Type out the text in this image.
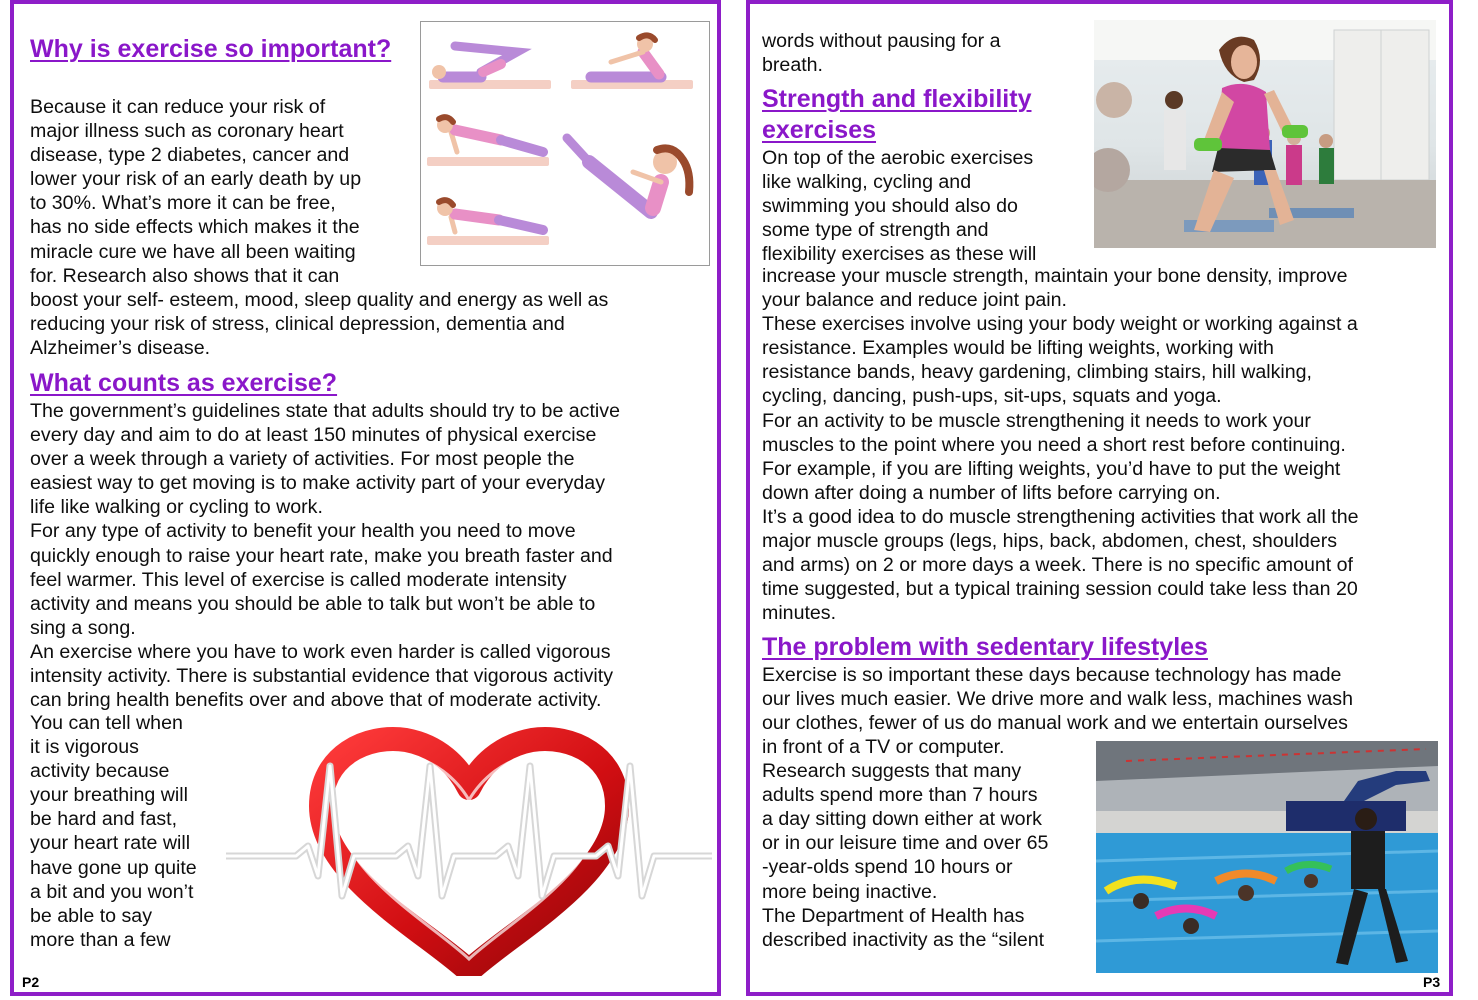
Why is exercise so important?

Because it can reduce your risk of

major illness such as coronary heart

disease, type 2 diabetes, cancer and

lower your risk of an early death by up

to 30%. What’s more it can be free,

has no side effects which makes it the

miracle cure we have all been waiting

for. Research also shows that it can

boost your self- esteem, mood, sleep quality and energy as well as

reducing your risk of stress, clinical depression, dementia and

Alzheimer’s disease.

What counts as exercise?

The government’s guidelines state that adults should try to be active

every day and aim to do at least 150 minutes of physical exercise

over a week through a variety of activities. For most people the

easiest way to get moving is to make activity part of your everyday

life like walking or cycling to work.

For any type of activity to benefit your health you need to move

quickly enough to raise your heart rate, make you breath faster and

feel warmer. This level of exercise is called moderate intensity

activity and means you should be able to talk but won’t be able to

sing a song.

An exercise where you have to work even harder is called vigorous

intensity activity. There is substantial evidence that vigorous activity

can bring health benefits over and above that of moderate activity.

You can tell when

it is vigorous

activity because

your breathing will

be hard and fast,

your heart rate will

have gone up quite

a bit and you won’t

be able to say

more than a few

P2

words without pausing for a

breath.

Strength and flexibility exercises

On top of the aerobic exercises

like walking, cycling and

swimming you should also do

some type of strength and

flexibility exercises as these will

increase your muscle strength, maintain your bone density, improve

your balance and reduce joint pain.

These exercises involve using your body weight or working against a

resistance. Examples would be lifting weights, working with

resistance bands, heavy gardening, climbing stairs, hill walking,

cycling, dancing, push-ups, sit-ups, squats and yoga.

For an activity to be muscle strengthening it needs to work your

muscles to the point where you need a short rest before continuing.

For example, if you are lifting weights, you’d have to put the weight

down after doing a number of lifts before carrying on.

It’s a good idea to do muscle strengthening activities that work all the

major muscle groups (legs, hips, back, abdomen, chest, shoulders

and arms) on 2 or more days a week. There is no specific amount of

time suggested, but a typical training session could take less than 20

minutes.

The problem with sedentary lifestyles

Exercise is so important these days because technology has made

our lives much easier. We drive more and walk less, machines wash

our clothes, fewer of us do manual work and we entertain ourselves

in front of a TV or computer.

Research suggests that many

adults spend more than 7 hours

a day sitting down either at work

or in our leisure time and over 65

-year-olds spend 10 hours or

more being inactive.

The Department of Health has

described inactivity as the “silent

P3
